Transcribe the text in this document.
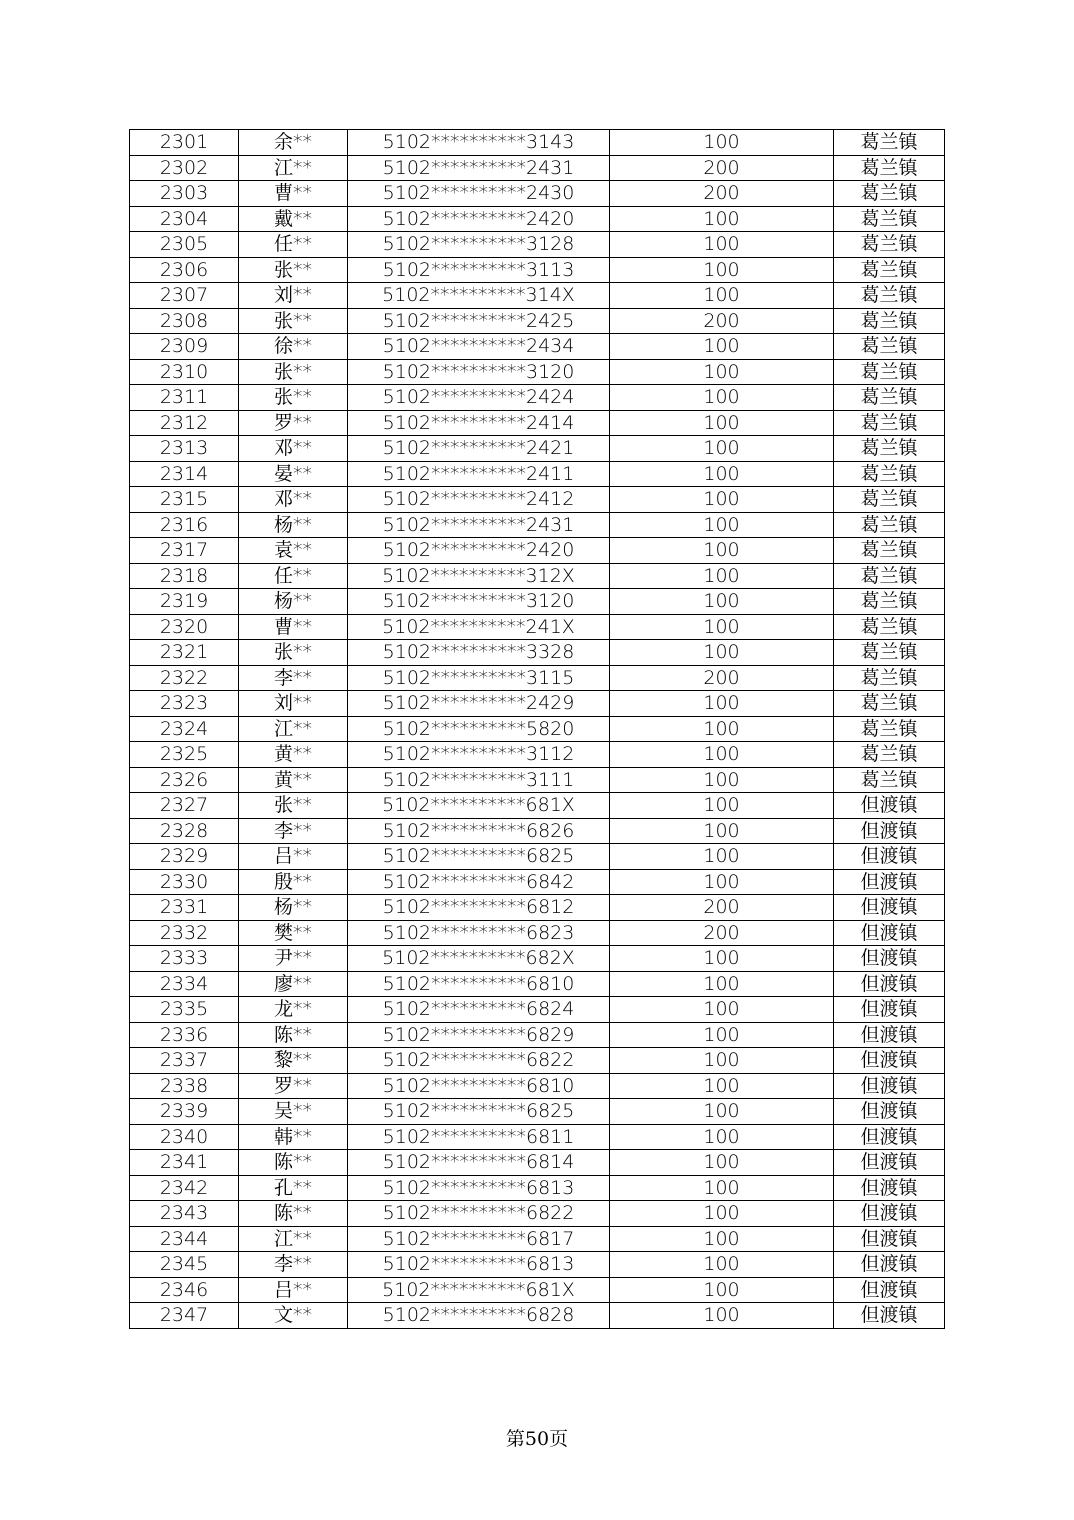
2301	余**	5102**********3143	100	葛兰镇
2302	江**	5102**********2431	200	葛兰镇
2303	曹**	5102**********2430	200	葛兰镇
2304	戴**	5102**********2420	100	葛兰镇
2305	任**	5102**********3128	100	葛兰镇
2306	张**	5102**********3113	100	葛兰镇
2307	刘**	5102**********314X	100	葛兰镇
2308	张**	5102**********2425	200	葛兰镇
2309	徐**	5102**********2434	100	葛兰镇
2310	张**	5102**********3120	100	葛兰镇
2311	张**	5102**********2424	100	葛兰镇
2312	罗**	5102**********2414	100	葛兰镇
2313	邓**	5102**********2421	100	葛兰镇
2314	晏**	5102**********2411	100	葛兰镇
2315	邓**	5102**********2412	100	葛兰镇
2316	杨**	5102**********2431	100	葛兰镇
2317	袁**	5102**********2420	100	葛兰镇
2318	任**	5102**********312X	100	葛兰镇
2319	杨**	5102**********3120	100	葛兰镇
2320	曹**	5102**********241X	100	葛兰镇
2321	张**	5102**********3328	100	葛兰镇
2322	李**	5102**********3115	200	葛兰镇
2323	刘**	5102**********2429	100	葛兰镇
2324	江**	5102**********5820	100	葛兰镇
2325	黄**	5102**********3112	100	葛兰镇
2326	黄**	5102**********3111	100	葛兰镇
2327	张**	5102**********681X	100	但渡镇
2328	李**	5102**********6826	100	但渡镇
2329	吕**	5102**********6825	100	但渡镇
2330	殷**	5102**********6842	100	但渡镇
2331	杨**	5102**********6812	200	但渡镇
2332	樊**	5102**********6823	200	但渡镇
2333	尹**	5102**********682X	100	但渡镇
2334	廖**	5102**********6810	100	但渡镇
2335	龙**	5102**********6824	100	但渡镇
2336	陈**	5102**********6829	100	但渡镇
2337	黎**	5102**********6822	100	但渡镇
2338	罗**	5102**********6810	100	但渡镇
2339	吴**	5102**********6825	100	但渡镇
2340	韩**	5102**********6811	100	但渡镇
2341	陈**	5102**********6814	100	但渡镇
2342	孔**	5102**********6813	100	但渡镇
2343	陈**	5102**********6822	100	但渡镇
2344	江**	5102**********6817	100	但渡镇
2345	李**	5102**********6813	100	但渡镇
2346	吕**	5102**********681X	100	但渡镇
2347	文**	5102**********6828	100	但渡镇
第50页
